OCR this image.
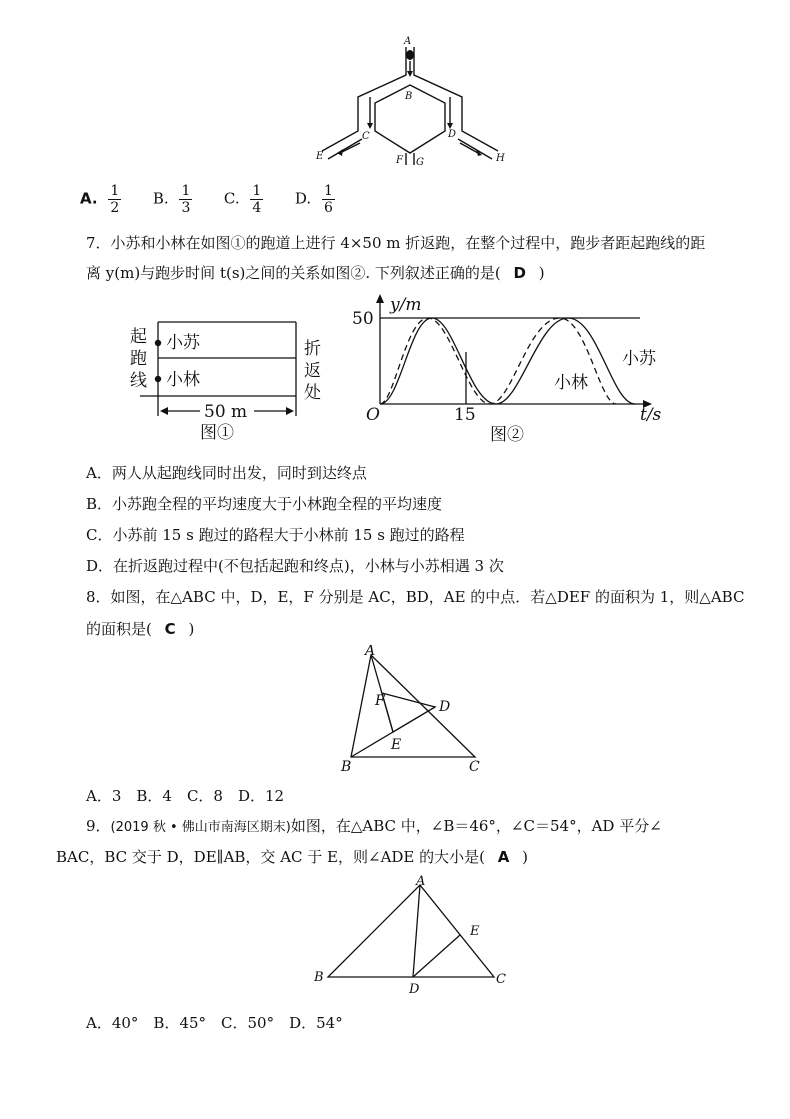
A
B
C	D
E	F G	H
A. $\frac{1}{2} B$. $\frac{1}{3} C$. $\frac{1}{4} D$. $\frac{1}{6}$
7．小苏和小林在如图①的跑道上进行 4×50 m 折返跑，在整个过程中，跑步者距起跑线的距
离 y(m)与跑步时间 t(s)之间的关系如图②. 下列叙述正确的是( D )
起
跑
线
小苏
小林
折
返
处
50 m
图①
y/m
50
O	15	t/s
小苏
小林
图②
A．两人从起跑线同时出发，同时到达终点
B．小苏跑全程的平均速度大于小林跑全程的平均速度
C．小苏前 15 s 跑过的路程大于小林前 15 s 跑过的路程
D．在折返跑过程中(不包括起跑和终点)，小林与小苏相遇 3 次
8．如图，在△ABC 中，D，E，F 分别是 AC，BD，AE 的中点．若△DEF 的面积为 1，则△ABC
的面积是( C )
A
B	C
D
E
F
A．3　B．4　C．8　D．12
9．(2019 秋 • 佛山市南海区期末)如图，在△ABC 中，∠B＝46°，∠C＝54°，AD 平分∠
BAC，BC 交于 D，DE∥AB，交 AC 于 E，则∠ADE 的大小是( A )
A
B	C
D
E
A．40°　B．45°　C．50°　D．54°
